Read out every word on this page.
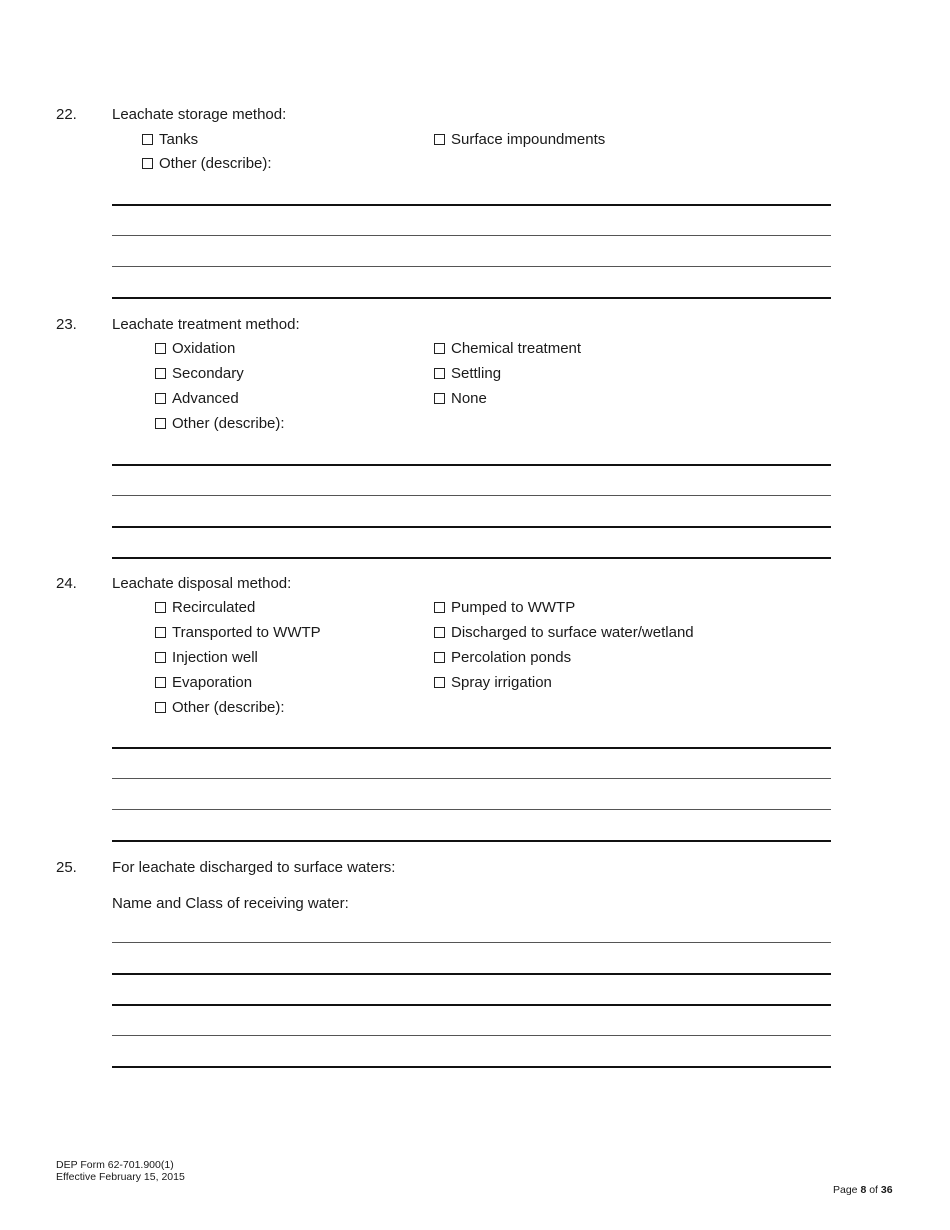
22. Leachate storage method:
Tanks	Surface impoundments
Other (describe):
23. Leachate treatment method:
Oxidation	Chemical treatment
Secondary	Settling
Advanced	None
Other (describe):
24. Leachate disposal method:
Recirculated	Pumped to WWTP
Transported to WWTP	Discharged to surface water/wetland
Injection well	Percolation ponds
Evaporation	Spray irrigation
Other (describe):
25. For leachate discharged to surface waters:
Name and Class of receiving water:
DEP Form 62-701.900(1)
Effective February 15, 2015
Page 8 of 36
